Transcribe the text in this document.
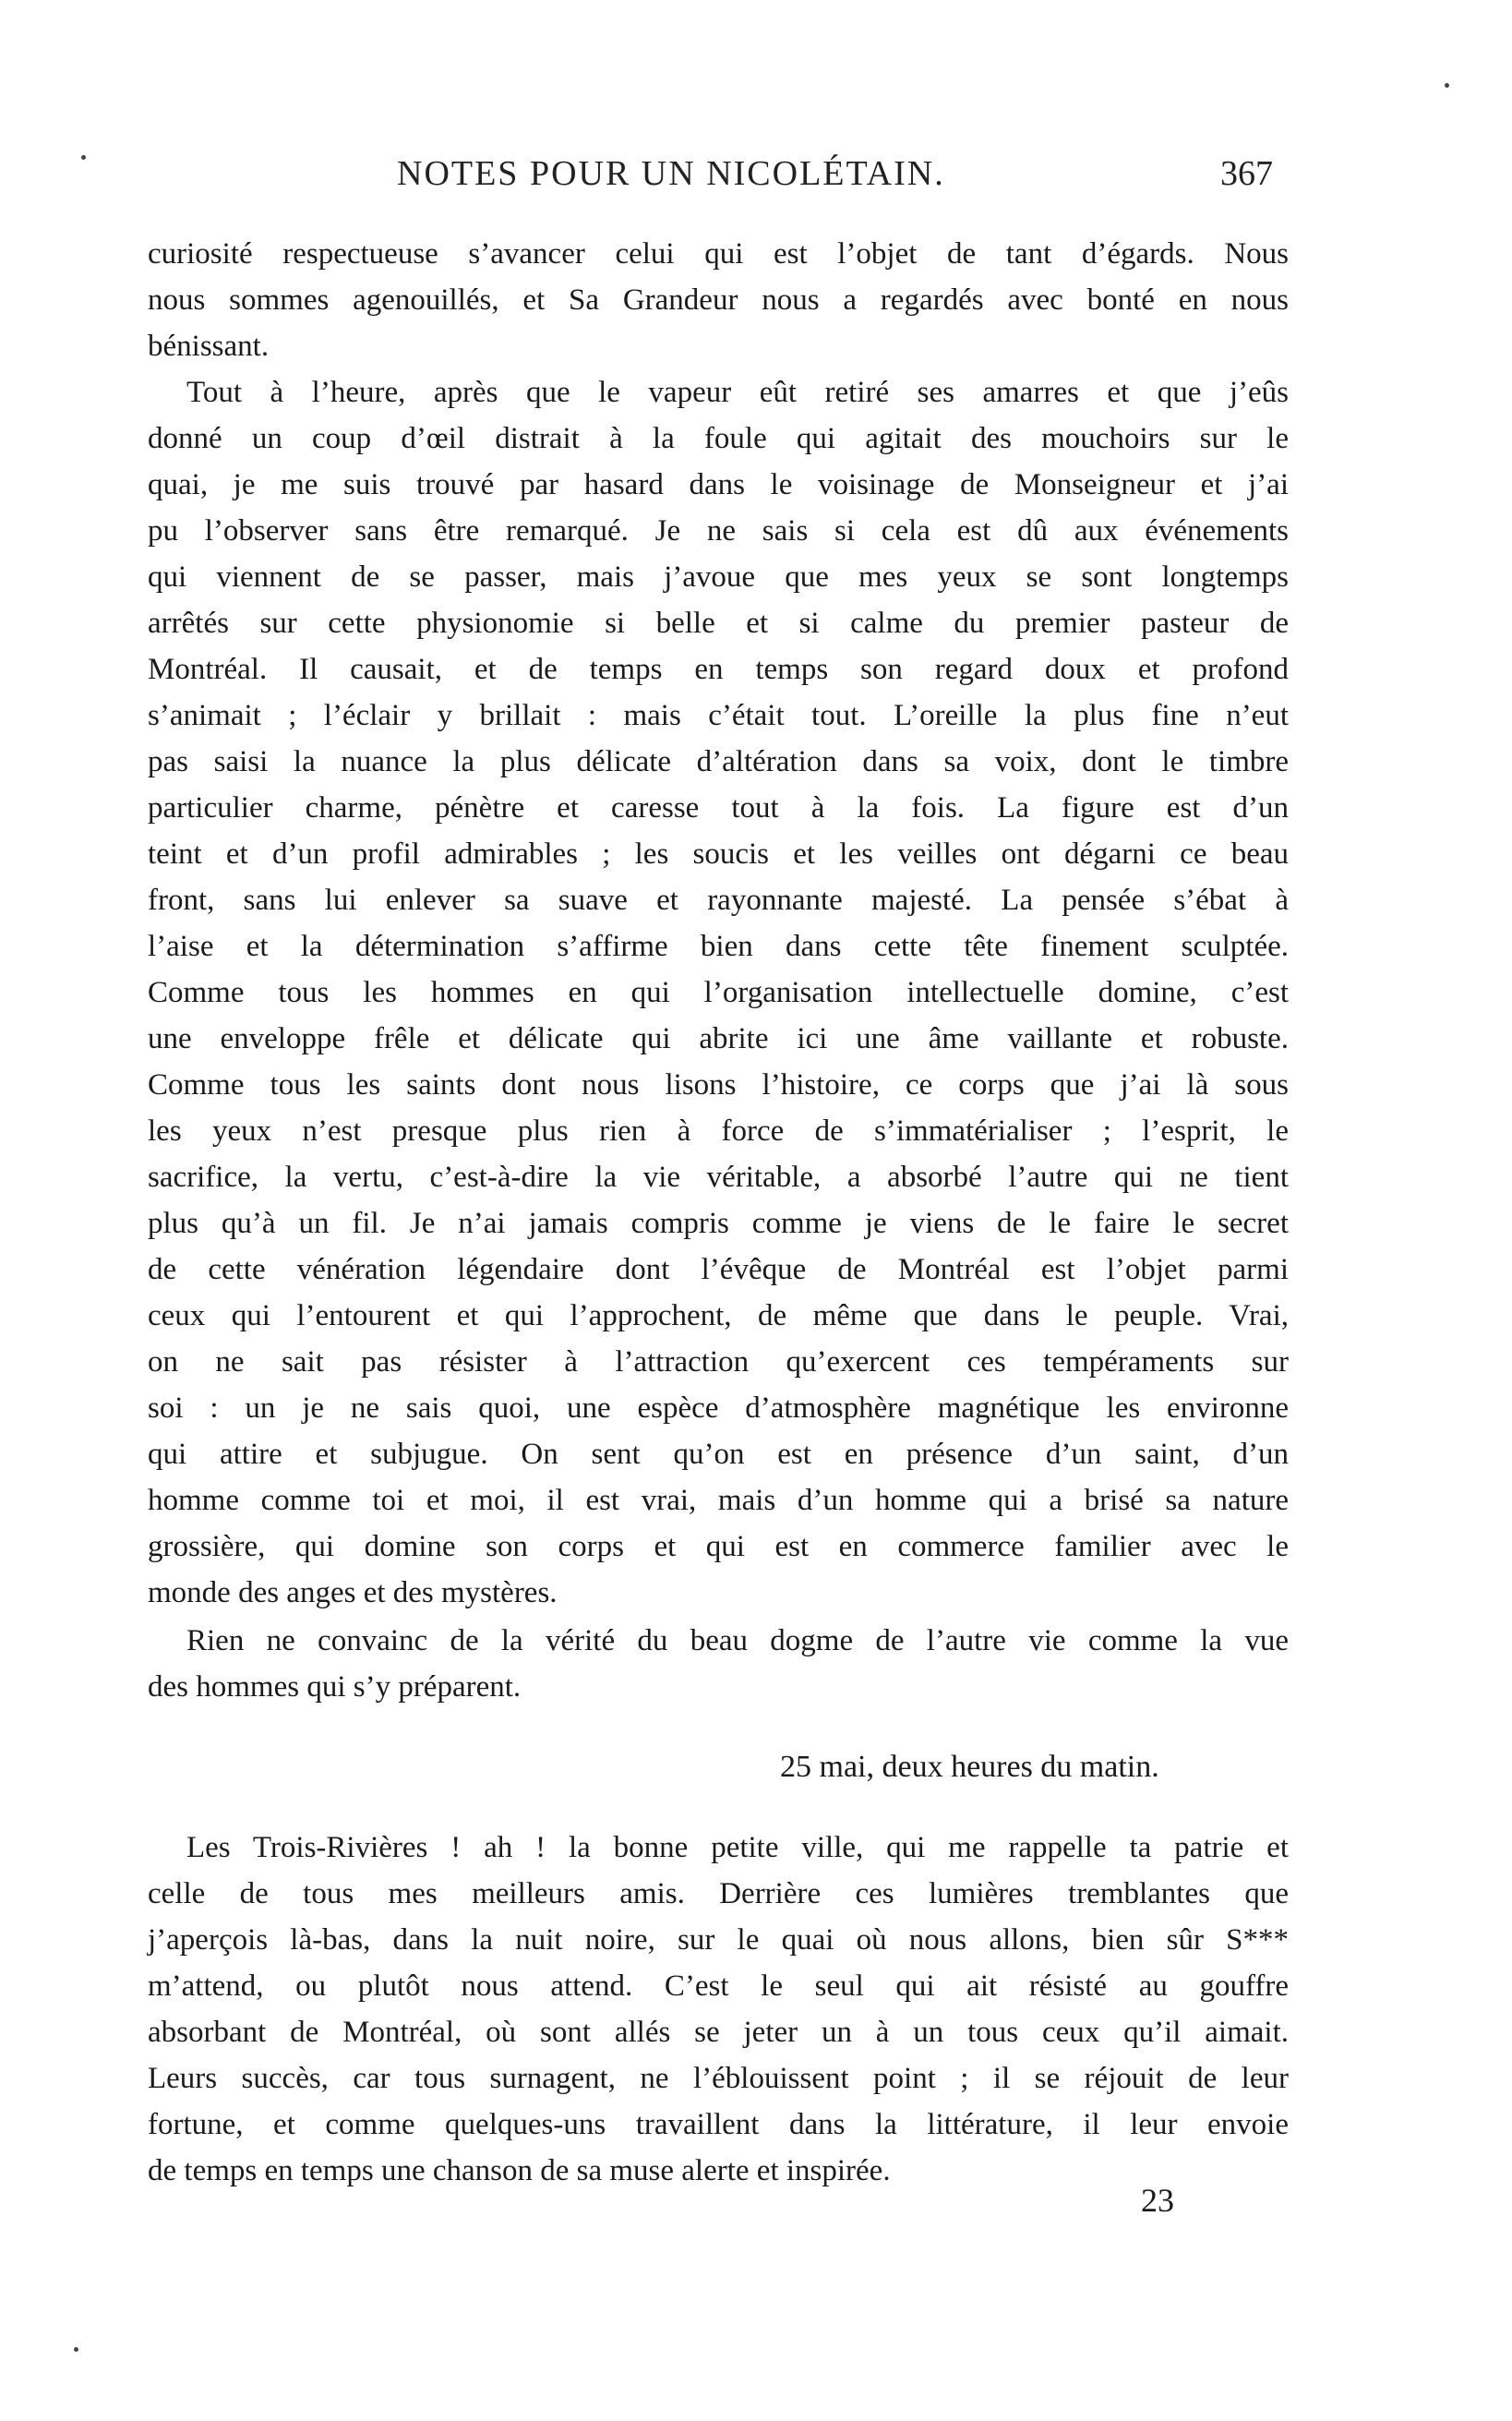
NOTES POUR UN NICOLÉTAIN.	367
curiosité respectueuse s’avancer celui qui est l’objet de tant d’égards. Nous
nous sommes agenouillés, et Sa Grandeur nous a regardés avec bonté en nous
bénissant.
Tout à l’heure, après que le vapeur eût retiré ses amarres et que j’eûs
donné un coup d’œil distrait à la foule qui agitait des mouchoirs sur le
quai, je me suis trouvé par hasard dans le voisinage de Monseigneur et j’ai
pu l’observer sans être remarqué. Je ne sais si cela est dû aux événements
qui viennent de se passer, mais j’avoue que mes yeux se sont longtemps
arrêtés sur cette physionomie si belle et si calme du premier pasteur de
Montréal. Il causait, et de temps en temps son regard doux et profond
s’animait ; l’éclair y brillait : mais c’était tout. L’oreille la plus fine n’eut
pas saisi la nuance la plus délicate d’altération dans sa voix, dont le timbre
particulier charme, pénètre et caresse tout à la fois. La figure est d’un
teint et d’un profil admirables ; les soucis et les veilles ont dégarni ce beau
front, sans lui enlever sa suave et rayonnante majesté. La pensée s’ébat à
l’aise et la détermination s’affirme bien dans cette tête finement sculptée.
Comme tous les hommes en qui l’organisation intellectuelle domine, c’est
une enveloppe frêle et délicate qui abrite ici une âme vaillante et robuste.
Comme tous les saints dont nous lisons l’histoire, ce corps que j’ai là sous
les yeux n’est presque plus rien à force de s’immatérialiser ; l’esprit, le
sacrifice, la vertu, c’est-à-dire la vie véritable, a absorbé l’autre qui ne tient
plus qu’à un fil. Je n’ai jamais compris comme je viens de le faire le secret
de cette vénération légendaire dont l’évêque de Montréal est l’objet parmi
ceux qui l’entourent et qui l’approchent, de même que dans le peuple. Vrai,
on ne sait pas résister à l’attraction qu’exercent ces tempéraments sur
soi : un je ne sais quoi, une espèce d’atmosphère magnétique les environne
qui attire et subjugue. On sent qu’on est en présence d’un saint, d’un
homme comme toi et moi, il est vrai, mais d’un homme qui a brisé sa nature
grossière, qui domine son corps et qui est en commerce familier avec le
monde des anges et des mystères.
Rien ne convainc de la vérité du beau dogme de l’autre vie comme la vue
des hommes qui s’y préparent.
25 mai, deux heures du matin.
Les Trois-Rivières ! ah ! la bonne petite ville, qui me rappelle ta patrie et
celle de tous mes meilleurs amis. Derrière ces lumières tremblantes que
j’aperçois là-bas, dans la nuit noire, sur le quai où nous allons, bien sûr S***
m’attend, ou plutôt nous attend. C’est le seul qui ait résisté au gouffre
absorbant de Montréal, où sont allés se jeter un à un tous ceux qu’il aimait.
Leurs succès, car tous surnagent, ne l’éblouissent point ; il se réjouit de leur
fortune, et comme quelques-uns travaillent dans la littérature, il leur envoie
de temps en temps une chanson de sa muse alerte et inspirée.
23
